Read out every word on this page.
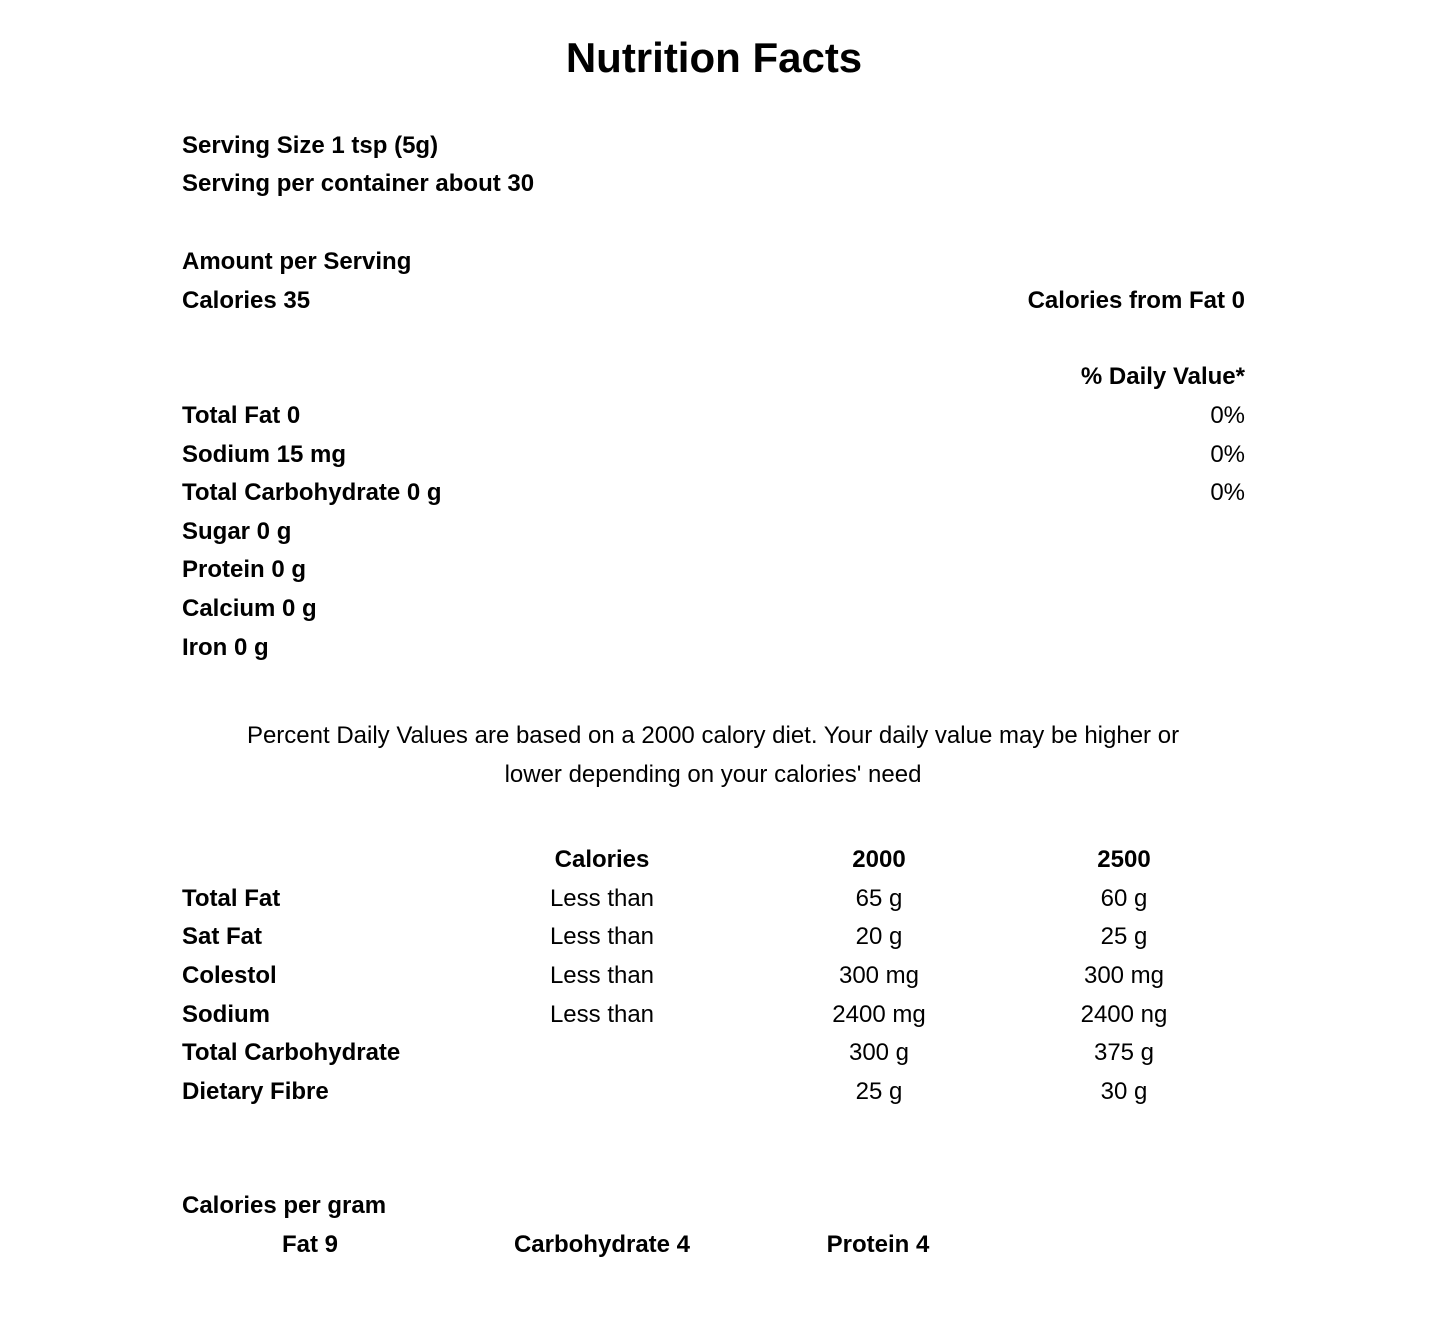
Nutrition Facts
Serving Size 1 tsp (5g)
Serving per container about 30
Amount per Serving
Calories 35	Calories from Fat 0
% Daily Value*
Total Fat 0	0%
Sodium 15 mg	0%
Total Carbohydrate 0 g	0%
Sugar 0 g
Protein 0 g
Calcium 0 g
Iron 0 g
Percent Daily Values are based on a 2000 calory diet. Your daily value may be higher or
lower depending on your calories' need
	Calories	2000	2500
Total Fat	Less than	65 g	60 g
Sat Fat	Less than	20 g	25 g
Colestol	Less than	300 mg	300 mg
Sodium	Less than	2400 mg	2400 ng
Total Carbohydrate		300 g	375 g
Dietary Fibre		25 g	30 g
Calories per gram
Fat 9	Carbohydrate 4	Protein 4
